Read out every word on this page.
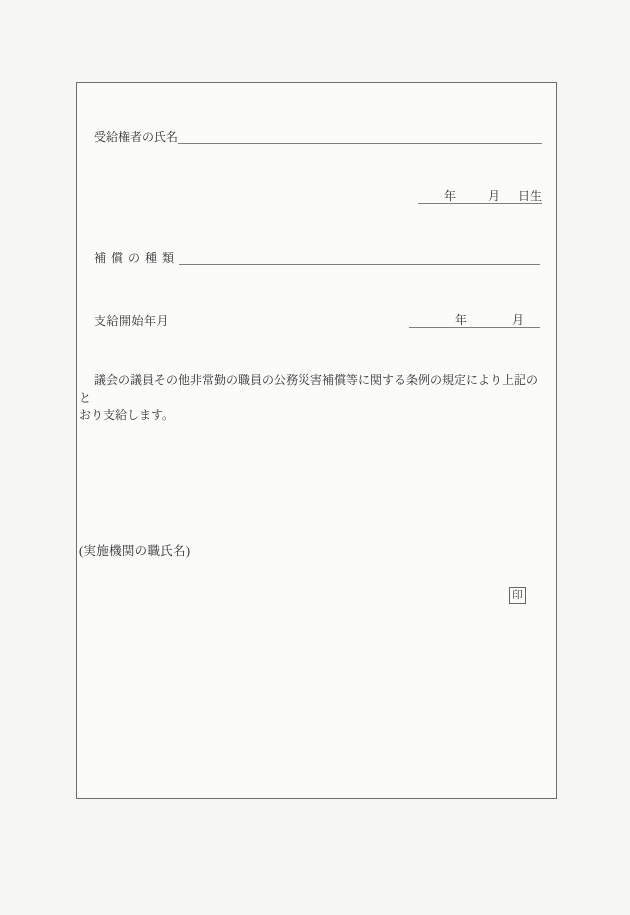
受給権者の氏名
年	月 日生
補償の種類
支給開始年月	年	月
議会の議員その他非常勤の職員の公務災害補償等に関する条例の規定により上記のと
おり支給します。
(実施機関の職氏名)
印
